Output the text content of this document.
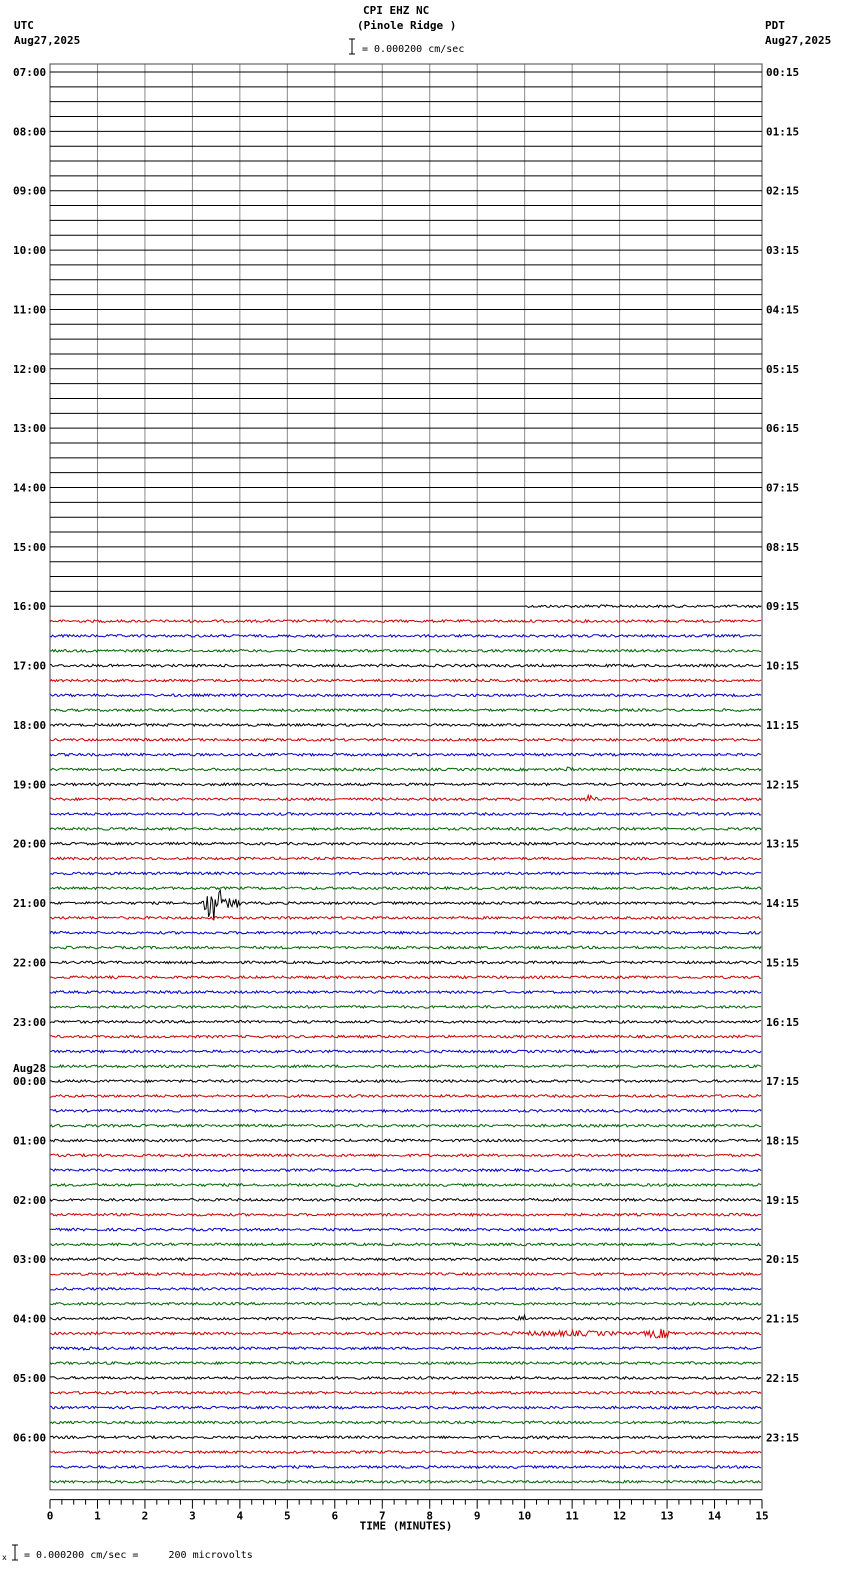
CPI EHZ NC
(Pinole Ridge )
= 0.000200 cm/sec
UTC
Aug27,2025
PDT
Aug27,2025
0	1	2	3	4	5	6	7	8	9	10	11	12	13	14	15
TIME (MINUTES)
07:00
08:00
09:00
10:00
11:00
12:00
13:00
14:00
15:00
16:00
17:00
18:00
19:00
20:00
21:00
22:00
23:00
00:00
Aug28
01:00
02:00
03:00
04:00
05:00
06:00
00:15
01:15
02:15
03:15
04:15
05:15
06:15
07:15
08:15
09:15
10:15
11:15
12:15
13:15
14:15
15:15
16:15
17:15
18:15
19:15
20:15
21:15
22:15
23:15
x = 0.000200 cm/sec =     200 microvolts
